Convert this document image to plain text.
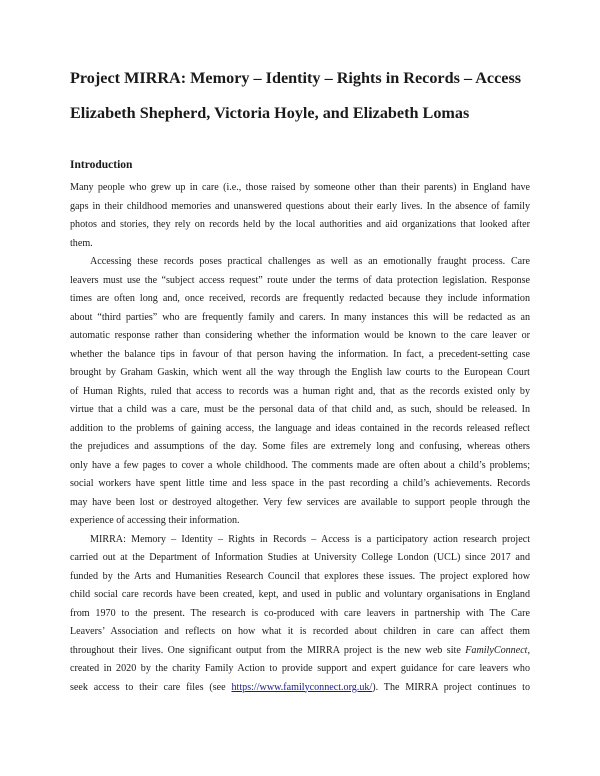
Project MIRRA: Memory – Identity – Rights in Records – Access
Elizabeth Shepherd, Victoria Hoyle, and Elizabeth Lomas
Introduction

Many people who grew up in care (i.e., those raised by someone other than their parents) in England have
gaps in their childhood memories and unanswered questions about their early lives. In the absence of family
photos and stories, they rely on records held by the local authorities and aid organizations that looked after
them.

Accessing these records poses practical challenges as well as an emotionally fraught process. Care
leavers must use the “subject access request” route under the terms of data protection legislation. Response
times are often long and, once received, records are frequently redacted because they include information
about “third parties” who are frequently family and carers. In many instances this will be redacted as an
automatic response rather than considering whether the information would be known to the care leaver or
whether the balance tips in favour of that person having the information. In fact, a precedent-setting case
brought by Graham Gaskin, which went all the way through the English law courts to the European Court
of Human Rights, ruled that access to records was a human right and, that as the records existed only by
virtue that a child was a care, must be the personal data of that child and, as such, should be released. In
addition to the problems of gaining access, the language and ideas contained in the records released reflect
the prejudices and assumptions of the day. Some files are extremely long and confusing, whereas others
only have a few pages to cover a whole childhood. The comments made are often about a child’s problems;
social workers have spent little time and less space in the past recording a child’s achievements. Records
may have been lost or destroyed altogether. Very few services are available to support people through the
experience of accessing their information.

MIRRA: Memory – Identity – Rights in Records – Access is a participatory action research project
carried out at the Department of Information Studies at University College London (UCL) since 2017 and
funded by the Arts and Humanities Research Council that explores these issues. The project explored how
child social care records have been created, kept, and used in public and voluntary organisations in England
from 1970 to the present. The research is co-produced with care leavers in partnership with The Care
Leavers’ Association and reflects on how what it is recorded about children in care can affect them
throughout their lives. One significant output from the MIRRA project is the new web site FamilyConnect,
created in 2020 by the charity Family Action to provide support and expert guidance for care leavers who
seek access to their care files (see https://www.familyconnect.org.uk/). The MIRRA project continues to
